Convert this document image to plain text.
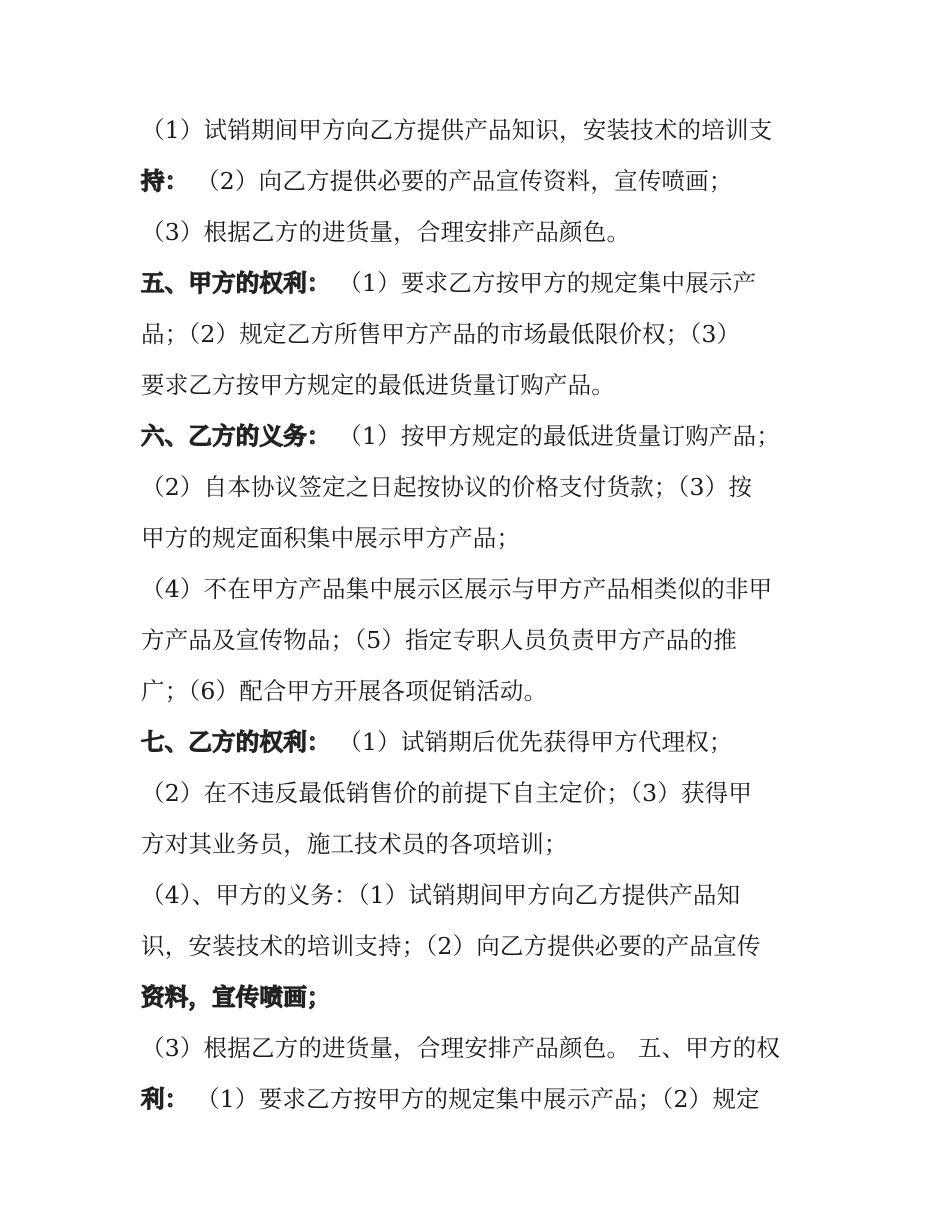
（1）试销期间甲方向乙方提供产品知识，安装技术的培训支
持： （2）向乙方提供必要的产品宣传资料，宣传喷画；
（3）根据乙方的进货量，合理安排产品颜色。
五、甲方的权利： （1）要求乙方按甲方的规定集中展示产
品；（2）规定乙方所售甲方产品的市场最低限价权；（3）
要求乙方按甲方规定的最低进货量订购产品。
六、乙方的义务： （1）按甲方规定的最低进货量订购产品；
（2）自本协议签定之日起按协议的价格支付货款；（3）按
甲方的规定面积集中展示甲方产品；
（4）不在甲方产品集中展示区展示与甲方产品相类似的非甲
方产品及宣传物品；（5）指定专职人员负责甲方产品的推
广；（6）配合甲方开展各项促销活动。
七、乙方的权利： （1）试销期后优先获得甲方代理权；
（2）在不违反最低销售价的前提下自主定价；（3）获得甲
方对其业务员，施工技术员的各项培训；
（4）、甲方的义务：（1）试销期间甲方向乙方提供产品知
识，安装技术的培训支持；（2）向乙方提供必要的产品宣传
资料，宣传喷画；
（3）根据乙方的进货量，合理安排产品颜色。 五、甲方的权
利： （1）要求乙方按甲方的规定集中展示产品；（2）规定
